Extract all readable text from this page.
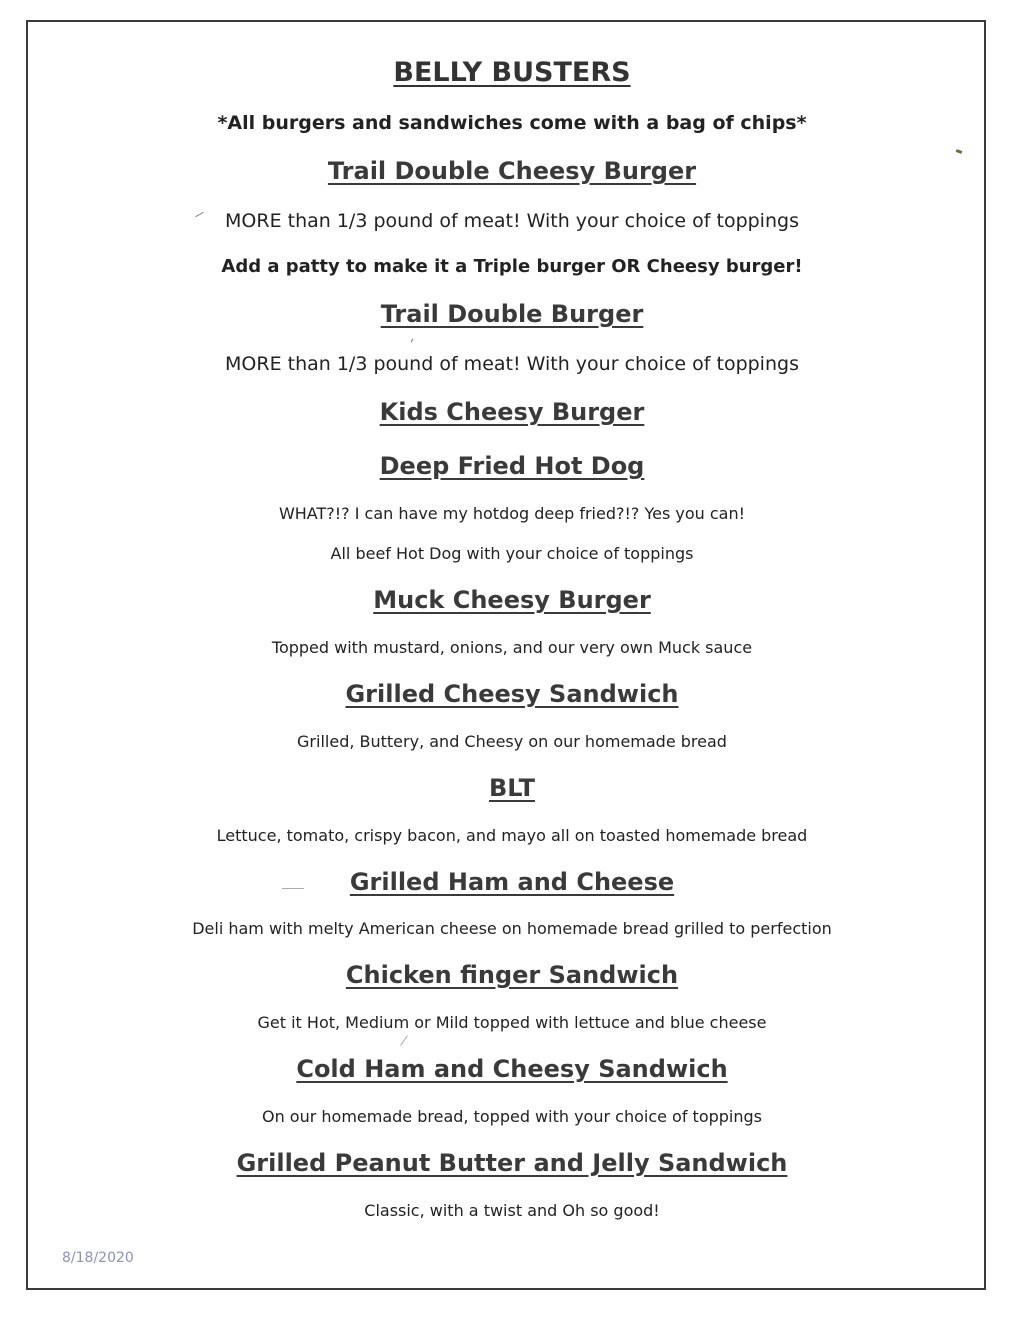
BELLY BUSTERS
*All burgers and sandwiches come with a bag of chips*
Trail Double Cheesy Burger
MORE than 1/3 pound of meat! With your choice of toppings
Add a patty to make it a Triple burger OR Cheesy burger!
Trail Double Burger
MORE than 1/3 pound of meat! With your choice of toppings
Kids Cheesy Burger
Deep Fried Hot Dog
WHAT?!? I can have my hotdog deep fried?!? Yes you can!
All beef Hot Dog with your choice of toppings
Muck Cheesy Burger
Topped with mustard, onions, and our very own Muck sauce
Grilled Cheesy Sandwich
Grilled, Buttery, and Cheesy on our homemade bread
BLT
Lettuce, tomato, crispy bacon, and mayo all on toasted homemade bread
Grilled Ham and Cheese
Deli ham with melty American cheese on homemade bread grilled to perfection
Chicken finger Sandwich
Get it Hot, Medium or Mild topped with lettuce and blue cheese
Cold Ham and Cheesy Sandwich
On our homemade bread, topped with your choice of toppings
Grilled Peanut Butter and Jelly Sandwich
Classic, with a twist and Oh so good!
8/18/2020
